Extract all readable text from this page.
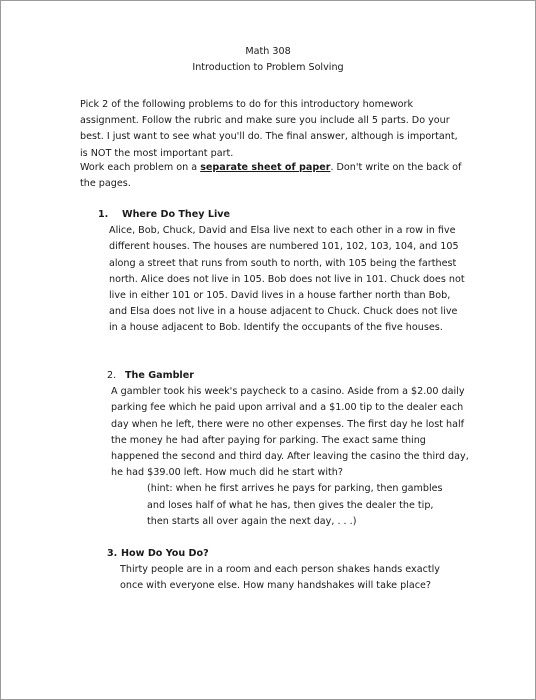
Math 308
Introduction to Problem Solving

Pick 2 of the following problems to do for this introductory homework assignment. Follow the rubric and make sure you include all 5 parts. Do your best. I just want to see what you'll do. The final answer, although is important, is NOT the most important part.

Work each problem on a separate sheet of paper. Don't write on the back of the pages.

1. Where Do They Live
Alice, Bob, Chuck, David and Elsa live next to each other in a row in five different houses. The houses are numbered 101, 102, 103, 104, and 105 along a street that runs from south to north, with 105 being the farthest north. Alice does not live in 105. Bob does not live in 101. Chuck does not live in either 101 or 105. David lives in a house farther north than Bob, and Elsa does not live in a house adjacent to Chuck. Chuck does not live in a house adjacent to Bob. Identify the occupants of the five houses.
2. The Gambler
A gambler took his week's paycheck to a casino. Aside from a $2.00 daily parking fee which he paid upon arrival and a $1.00 tip to the dealer each day when he left, there were no other expenses. The first day he lost half the money he had after paying for parking. The exact same thing happened the second and third day. After leaving the casino the third day, he had $39.00 left. How much did he start with?
(hint: when he first arrives he pays for parking, then gambles and loses half of what he has, then gives the dealer the tip, then starts all over again the next day, . . .)
3. How Do You Do?
Thirty people are in a room and each person shakes hands exactly once with everyone else. How many handshakes will take place?
